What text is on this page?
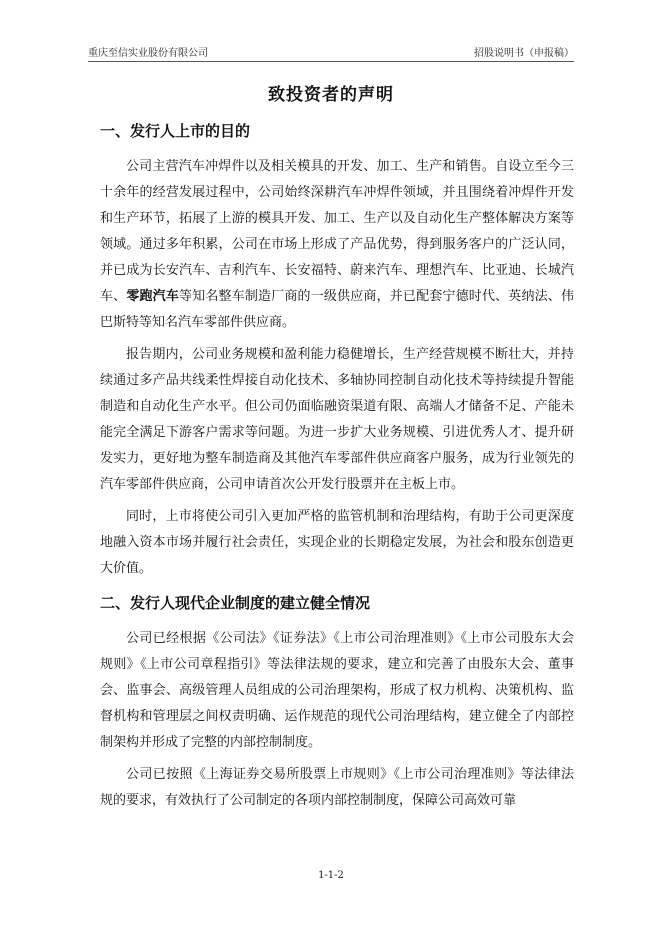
重庆至信实业股份有限公司	招股说明书（申报稿）
致投资者的声明
一、发行人上市的目的

公司主营汽车冲焊件以及相关模具的开发、加工、生产和销售。自设立至今三十余年的经营发展过程中，公司始终深耕汽车冲焊件领域，并且围绕着冲焊件开发和生产环节，拓展了上游的模具开发、加工、生产以及自动化生产整体解决方案等领域。通过多年积累，公司在市场上形成了产品优势，得到服务客户的广泛认同，并已成为长安汽车、吉利汽车、长安福特、蔚来汽车、理想汽车、比亚迪、长城汽车、零跑汽车等知名整车制造厂商的一级供应商，并已配套宁德时代、英纳法、伟巴斯特等知名汽车零部件供应商。

报告期内，公司业务规模和盈利能力稳健增长，生产经营规模不断壮大，并持续通过多产品共线柔性焊接自动化技术、多轴协同控制自动化技术等持续提升智能制造和自动化生产水平。但公司仍面临融资渠道有限、高端人才储备不足、产能未能完全满足下游客户需求等问题。为进一步扩大业务规模、引进优秀人才、提升研发实力，更好地为整车制造商及其他汽车零部件供应商客户服务，成为行业领先的汽车零部件供应商，公司申请首次公开发行股票并在主板上市。

同时，上市将使公司引入更加严格的监管机制和治理结构，有助于公司更深度地融入资本市场并履行社会责任，实现企业的长期稳定发展，为社会和股东创造更大价值。

二、发行人现代企业制度的建立健全情况

公司已经根据《公司法》《证券法》《上市公司治理准则》《上市公司股东大会规则》《上市公司章程指引》等法律法规的要求，建立和完善了由股东大会、董事会、监事会、高级管理人员组成的公司治理架构，形成了权力机构、决策机构、监督机构和管理层之间权责明确、运作规范的现代公司治理结构，建立健全了内部控制架构并形成了完整的内部控制制度。

公司已按照《上海证券交易所股票上市规则》《上市公司治理准则》等法律法规的要求，有效执行了公司制定的各项内部控制制度，保障公司高效可靠

1-1-2
